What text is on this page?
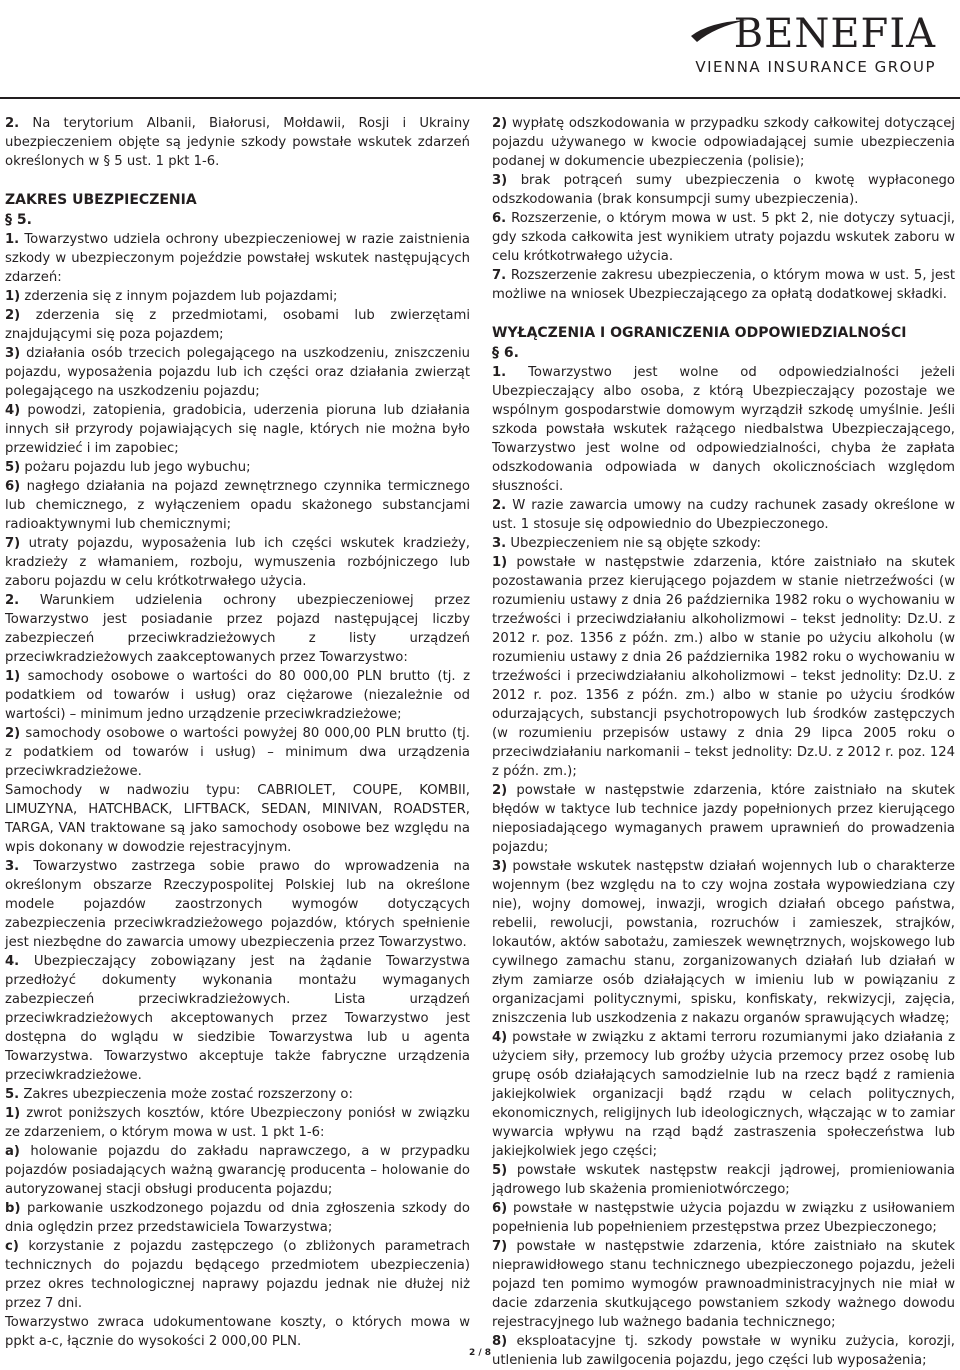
BENEFIA
VIENNA INSURANCE GROUP

2. Na terytorium Albanii, Białorusi, Mołdawii, Rosji i Ukrainy ubezpieczeniem objęte są jedynie szkody powstałe wskutek zdarzeń określonych w § 5 ust. 1 pkt 1-6.

ZAKRES UBEZPIECZENIA
§ 5.

1. Towarzystwo udziela ochrony ubezpieczeniowej w razie zaistnienia szkody w ubezpieczonym pojeździe powstałej wskutek następujących zdarzeń:

1) zderzenia się z innym pojazdem lub pojazdami;

2) zderzenia się z przedmiotami, osobami lub zwierzętami znajdującymi się poza pojazdem;

3) działania osób trzecich polegającego na uszkodzeniu, zniszczeniu pojazdu, wyposażenia pojazdu lub ich części oraz działania zwierząt polegającego na uszkodzeniu pojazdu;

4) powodzi, zatopienia, gradobicia, uderzenia pioruna lub działania innych sił przyrody pojawiających się nagle, których nie można było przewidzieć i im zapobiec;

5) pożaru pojazdu lub jego wybuchu;

6) nagłego działania na pojazd zewnętrznego czynnika termicznego lub chemicznego, z wyłączeniem opadu skażonego substancjami radioaktywnymi lub chemicznymi;

7) utraty pojazdu, wyposażenia lub ich części wskutek kradzieży, kradzieży z włamaniem, rozboju, wymuszenia rozbójniczego lub zaboru pojazdu w celu krótkotrwałego użycia.

2. Warunkiem udzielenia ochrony ubezpieczeniowej przez Towarzystwo jest posiadanie przez pojazd następującej liczby zabezpieczeń przeciwkradzieżowych z listy urządzeń przeciwkradzieżowych zaakceptowanych przez Towarzystwo:

1) samochody osobowe o wartości do 80 000,00 PLN brutto (tj. z podatkiem od towarów i usług) oraz ciężarowe (niezależnie od wartości) – minimum jedno urządzenie przeciwkradzieżowe;

2) samochody osobowe o wartości powyżej 80 000,00 PLN brutto (tj. z podatkiem od towarów i usług) – minimum dwa urządzenia przeciwkradzieżowe.

Samochody w nadwoziu typu: CABRIOLET, COUPE, KOMBII, LIMUZYNA, HATCHBACK, LIFTBACK, SEDAN, MINIVAN, ROADSTER, TARGA, VAN traktowane są jako samochody osobowe bez względu na wpis dokonany w dowodzie rejestracyjnym.

3. Towarzystwo zastrzega sobie prawo do wprowadzenia na określonym obszarze Rzeczypospolitej Polskiej lub na określone modele pojazdów zaostrzonych wymogów dotyczących zabezpieczenia przeciwkradzieżowego pojazdów, których spełnienie jest niezbędne do zawarcia umowy ubezpieczenia przez Towarzystwo.

4. Ubezpieczający zobowiązany jest na żądanie Towarzystwa przedłożyć dokumenty wykonania montażu wymaganych zabezpieczeń przeciwkradzieżowych. Lista urządzeń przeciwkradzieżowych akceptowanych przez Towarzystwo jest dostępna do wglądu w siedzibie Towarzystwa lub u agenta Towarzystwa. Towarzystwo akceptuje także fabryczne urządzenia przeciwkradzieżowe.

5. Zakres ubezpieczenia może zostać rozszerzony o:

1) zwrot poniższych kosztów, które Ubezpieczony poniósł w związku ze zdarzeniem, o którym mowa w ust. 1 pkt 1-6:

a) holowanie pojazdu do zakładu naprawczego, a w przypadku pojazdów posiadających ważną gwarancję producenta – holowanie do autoryzowanej stacji obsługi producenta pojazdu;

b) parkowanie uszkodzonego pojazdu od dnia zgłoszenia szkody do dnia oględzin przez przedstawiciela Towarzystwa;

c) korzystanie z pojazdu zastępczego (o zbliżonych parametrach technicznych do pojazdu będącego przedmiotem ubezpieczenia) przez okres technologicznej naprawy pojazdu jednak nie dłużej niż przez 7 dni.

Towarzystwo zwraca udokumentowane koszty, o których mowa w ppkt a-c, łącznie do wysokości 2 000,00 PLN.

2) wypłatę odszkodowania w przypadku szkody całkowitej dotyczącej pojazdu używanego w kwocie odpowiadającej sumie ubezpieczenia podanej w dokumencie ubezpieczenia (polisie);

3) brak potrąceń sumy ubezpieczenia o kwotę wypłaconego odszkodowania (brak konsumpcji sumy ubezpieczenia).

6. Rozszerzenie, o którym mowa w ust. 5 pkt 2, nie dotyczy sytuacji, gdy szkoda całkowita jest wynikiem utraty pojazdu wskutek zaboru w celu krótkotrwałego użycia.

7. Rozszerzenie zakresu ubezpieczenia, o którym mowa w ust. 5, jest możliwe na wniosek Ubezpieczającego za opłatą dodatkowej składki.

WYŁĄCZENIA I OGRANICZENIA ODPOWIEDZIALNOŚCI
§ 6.

1. Towarzystwo jest wolne od odpowiedzialności jeżeli Ubezpieczający albo osoba, z którą Ubezpieczający pozostaje we wspólnym gospodarstwie domowym wyrządził szkodę umyślnie. Jeśli szkoda powstała wskutek rażącego niedbalstwa Ubezpieczającego, Towarzystwo jest wolne od odpowiedzialności, chyba że zapłata odszkodowania odpowiada w danych okolicznościach względom słuszności.

2. W razie zawarcia umowy na cudzy rachunek zasady określone w ust. 1 stosuje się odpowiednio do Ubezpieczonego.

3. Ubezpieczeniem nie są objęte szkody:

1) powstałe w następstwie zdarzenia, które zaistniało na skutek pozostawania przez kierującego pojazdem w stanie nietrzeźwości (w rozumieniu ustawy z dnia 26 października 1982 roku o wychowaniu w trzeźwości i przeciwdziałaniu alkoholizmowi – tekst jednolity: Dz.U. z 2012 r. poz. 1356 z późn. zm.) albo w stanie po użyciu alkoholu (w rozumieniu ustawy z dnia 26 października 1982 roku o wychowaniu w trzeźwości i przeciwdziałaniu alkoholizmowi – tekst jednolity: Dz.U. z 2012 r. poz. 1356 z późn. zm.) albo w stanie po użyciu środków odurzających, substancji psychotropowych lub środków zastępczych (w rozumieniu przepisów ustawy z dnia 29 lipca 2005 roku o przeciwdziałaniu narkomanii – tekst jednolity: Dz.U. z 2012 r. poz. 124 z późn. zm.);

2) powstałe w następstwie zdarzenia, które zaistniało na skutek błędów w taktyce lub technice jazdy popełnionych przez kierującego nieposiadającego wymaganych prawem uprawnień do prowadzenia pojazdu;

3) powstałe wskutek następstw działań wojennych lub o charakterze wojennym (bez względu na to czy wojna została wypowiedziana czy nie), wojny domowej, inwazji, wrogich działań obcego państwa, rebelii, rewolucji, powstania, rozruchów i zamieszek, strajków, lokautów, aktów sabotażu, zamieszek wewnętrznych, wojskowego lub cywilnego zamachu stanu, zorganizowanych działań lub działań w złym zamiarze osób działających w imieniu lub w powiązaniu z organizacjami politycznymi, spisku, konfiskaty, rekwizycji, zajęcia, zniszczenia lub uszkodzenia z nakazu organów sprawujących władzę;

4) powstałe w związku z aktami terroru rozumianymi jako działania z użyciem siły, przemocy lub groźby użycia przemocy przez osobę lub grupę osób działających samodzielnie lub na rzecz bądź z ramienia jakiejkolwiek organizacji bądź rządu w celach politycznych, ekonomicznych, religijnych lub ideologicznych, włączając w to zamiar wywarcia wpływu na rząd bądź zastraszenia społeczeństwa lub jakiejkolwiek jego części;

5) powstałe wskutek następstw reakcji jądrowej, promieniowania jądrowego lub skażenia promieniotwórczego;

6) powstałe w następstwie użycia pojazdu w związku z usiłowaniem popełnienia lub popełnieniem przestępstwa przez Ubezpieczonego;

7) powstałe w następstwie zdarzenia, które zaistniało na skutek nieprawidłowego stanu technicznego ubezpieczonego pojazdu, jeżeli pojazd ten pomimo wymogów prawnoadministracyjnych nie miał w dacie zdarzenia skutkującego powstaniem szkody ważnego dowodu rejestracyjnego lub ważnego badania technicznego;

8) eksploatacyjne tj. szkody powstałe w wyniku zużycia, korozji, utlenienia lub zawilgocenia pojazdu, jego części lub wyposażenia;

2 / 8
